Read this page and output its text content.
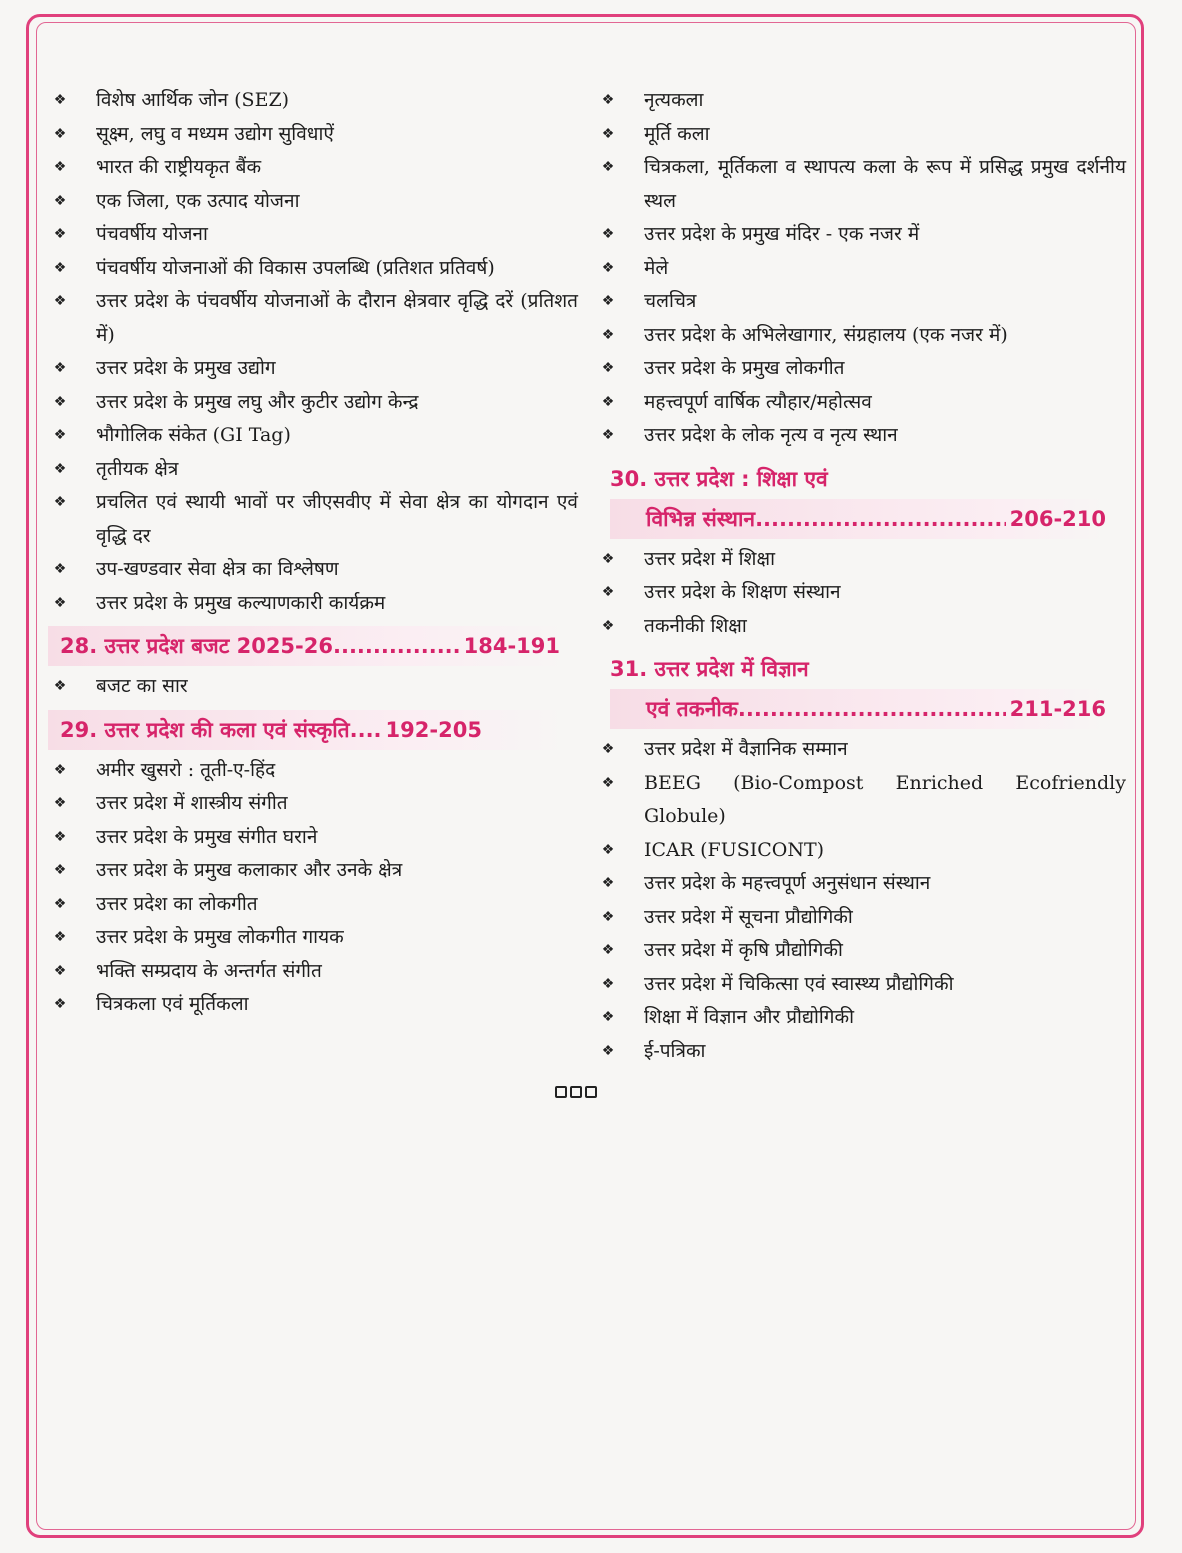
❖ विशेष आर्थिक जोन (SEZ)
❖ सूक्ष्म, लघु व मध्यम उद्योग सुविधाऐं
❖ भारत की राष्ट्रीयकृत बैंक
❖ एक जिला, एक उत्पाद योजना
❖ पंचवर्षीय योजना
❖ पंचवर्षीय योजनाओं की विकास उपलब्धि (प्रतिशत प्रतिवर्ष)
❖ उत्तर प्रदेश के पंचवर्षीय योजनाओं के दौरान क्षेत्रवार वृद्धि दरें (प्रतिशत में)
❖ उत्तर प्रदेश के प्रमुख उद्योग
❖ उत्तर प्रदेश के प्रमुख लघु और कुटीर उद्योग केन्द्र
❖ भौगोलिक संकेत (GI Tag)
❖ तृतीयक क्षेत्र
❖ प्रचलित एवं स्थायी भावों पर जीएसवीए में सेवा क्षेत्र का योगदान एवं वृद्धि दर
❖ उप-खण्डवार सेवा क्षेत्र का विश्लेषण
❖ उत्तर प्रदेश के प्रमुख कल्याणकारी कार्यक्रम
28. उत्तर प्रदेश बजट 2025-26 .....	184-191
❖ बजट का सार
29. उत्तर प्रदेश की कला एवं संस्कृति .... 192-205
❖ अमीर खुसरो : तूती-ए-हिंद
❖ उत्तर प्रदेश में शास्त्रीय संगीत
❖ उत्तर प्रदेश के प्रमुख संगीत घराने
❖ उत्तर प्रदेश के प्रमुख कलाकार और उनके क्षेत्र
❖ उत्तर प्रदेश का लोकगीत
❖ उत्तर प्रदेश के प्रमुख लोकगीत गायक
❖ भक्ति सम्प्रदाय के अन्तर्गत संगीत
❖ चित्रकला एवं मूर्तिकला
❖ नृत्यकला
❖ मूर्ति कला
❖ चित्रकला, मूर्तिकला व स्थापत्य कला के रूप में प्रसिद्ध प्रमुख दर्शनीय स्थल
❖ उत्तर प्रदेश के प्रमुख मंदिर - एक नजर में
❖ मेले
❖ चलचित्र
❖ उत्तर प्रदेश के अभिलेखागार, संग्रहालय (एक नजर में)
❖ उत्तर प्रदेश के प्रमुख लोकगीत
❖ महत्त्वपूर्ण वार्षिक त्यौहार/महोत्सव
❖ उत्तर प्रदेश के लोक नृत्य व नृत्य स्थान
30. उत्तर प्रदेश : शिक्षा एवं
विभिन्न संस्थान .....	206-210
❖ उत्तर प्रदेश में शिक्षा
❖ उत्तर प्रदेश के शिक्षण संस्थान
❖ तकनीकी शिक्षा
31. उत्तर प्रदेश में विज्ञान
एवं तकनीक .....	211-216
❖ उत्तर प्रदेश में वैज्ञानिक सम्मान
❖ BEEG (Bio-Compost Enriched Ecofriendly Globule)
❖ ICAR (FUSICONT)
❖ उत्तर प्रदेश के महत्त्वपूर्ण अनुसंधान संस्थान
❖ उत्तर प्रदेश में सूचना प्रौद्योगिकी
❖ उत्तर प्रदेश में कृषि प्रौद्योगिकी
❖ उत्तर प्रदेश में चिकित्सा एवं स्वास्थ्य प्रौद्योगिकी
❖ शिक्षा में विज्ञान और प्रौद्योगिकी
❖ ई-पत्रिका
